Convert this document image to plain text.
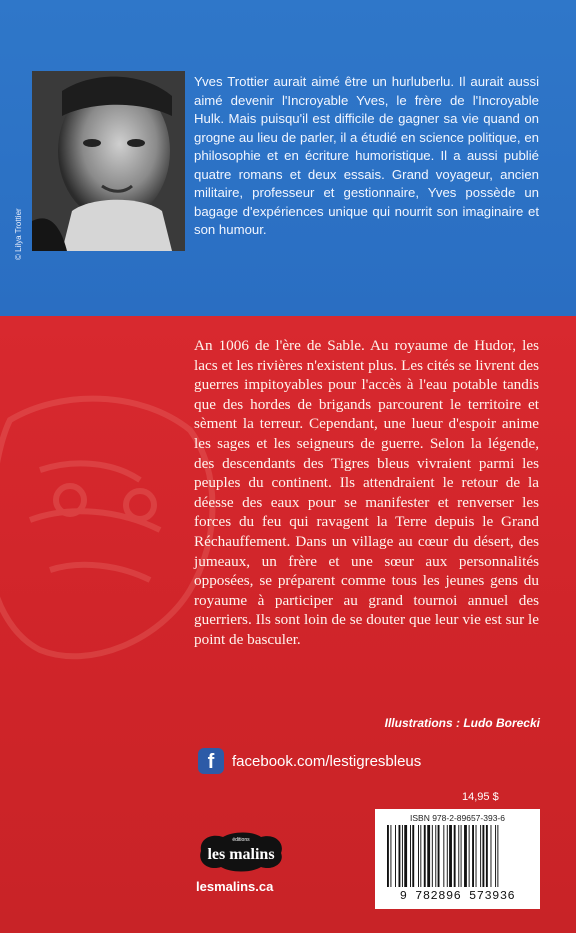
© Lilya Trottier

Yves Trottier aurait aimé être un hurluberlu. Il aurait aussi aimé devenir l'Incroyable Yves, le frère de l'Incroyable Hulk. Mais puisqu'il est difficile de gagner sa vie quand on grogne au lieu de parler, il a étudié en science politique, en philosophie et en écriture humoristique. Il a aussi publié quatre romans et deux essais. Grand voyageur, ancien militaire, professeur et gestionnaire, Yves possède un bagage d'expériences unique qui nourrit son imaginaire et son humour.

An 1006 de l'ère de Sable. Au royaume de Hudor, les lacs et les rivières n'existent plus. Les cités se livrent des guerres impitoyables pour l'accès à l'eau potable tandis que des hordes de brigands parcourent le territoire et sèment la terreur. Cependant, une lueur d'espoir anime les sages et les seigneurs de guerre. Selon la légende, des descendants des Tigres bleus vivraient parmi les peuples du continent. Ils attendraient le retour de la déesse des eaux pour se manifester et renverser les forces du feu qui ravagent la Terre depuis le Grand Réchauffement. Dans un village au cœur du désert, des jumeaux, un frère et une sœur aux personnalités opposées, se préparent comme tous les jeunes gens du royaume à participer au grand tournoi annuel des guerriers. Ils sont loin de se douter que leur vie est sur le point de basculer.

Illustrations : Ludo Borecki
f	facebook.com/lestigresbleus
14,95 $
éditions
les malins
lesmalins.ca
ISBN 978-2-89657-393-6
9 782896 573936
